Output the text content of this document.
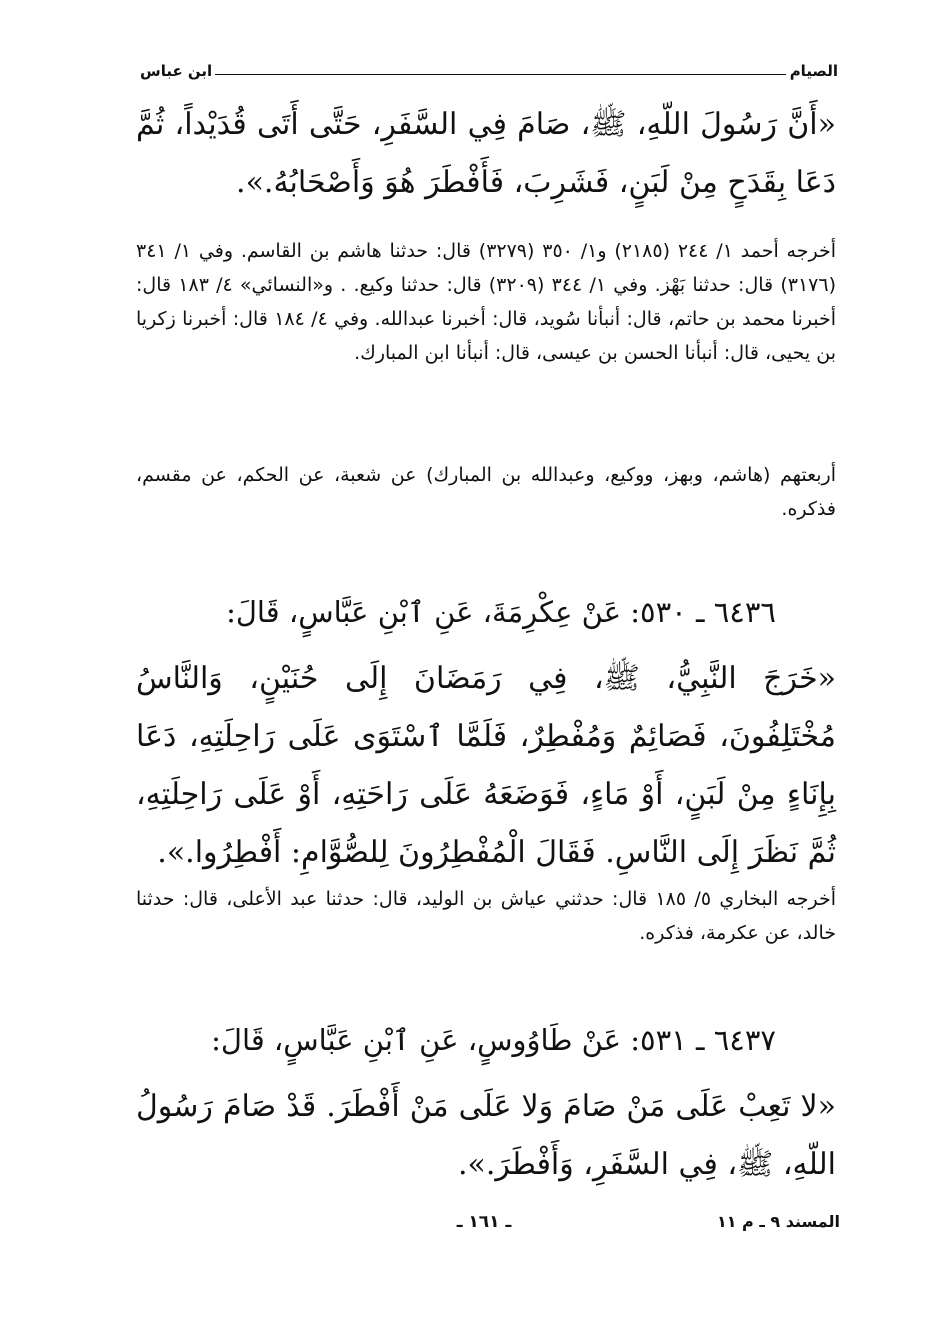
الصيام
ابن عباس
«أَنَّ رَسُولَ اللّهِ، ﷺ، صَامَ فِي السَّفَرِ، حَتَّى أَتَى قُدَيْداً، ثُمَّ دَعَا بِقَدَحٍ مِنْ لَبَنٍ، فَشَرِبَ، فَأَفْطَرَ هُوَ وَأَصْحَابُهُ.».
أخرجه أحمد ١/ ٢٤٤ (٢١٨٥) و١/ ٣٥٠ (٣٢٧٩) قال: حدثنا هاشم بن القاسم. وفي ١/ ٣٤١ (٣١٧٦) قال: حدثنا بَهْز. وفي ١/ ٣٤٤ (٣٢٠٩) قال: حدثنا وكيع. . و«النسائي» ٤/ ١٨٣ قال: أخبرنا محمد بن حاتم، قال: أنبأنا سُويد، قال: أخبرنا عبدالله. وفي ٤/ ١٨٤ قال: أخبرنا زكريا بن يحيى، قال: أنبأنا الحسن بن عيسى، قال: أنبأنا ابن المبارك.
أربعتهم (هاشم، وبهز، ووكيع، وعبدالله بن المبارك) عن شعبة، عن الحكم، عن مقسم، فذكره.
٦٤٣٦ ـ ٥٣٠: عَنْ عِكْرِمَةَ، عَنِ ٱبْنِ عَبَّاسٍ، قَالَ:
«خَرَجَ النَّبِيُّ، ﷺ، فِي رَمَضَانَ إِلَى حُنَيْنٍ، وَالنَّاسُ مُخْتَلِفُونَ، فَصَائِمٌ وَمُفْطِرٌ، فَلَمَّا ٱسْتَوَى عَلَى رَاحِلَتِهِ، دَعَا بِإِنَاءٍ مِنْ لَبَنٍ، أَوْ مَاءٍ، فَوَضَعَهُ عَلَى رَاحَتِهِ، أَوْ عَلَى رَاحِلَتِهِ، ثُمَّ نَظَرَ إِلَى النَّاسِ. فَقَالَ الْمُفْطِرُونَ لِلصُّوَّامِ: أَفْطِرُوا.».
أخرجه البخاري ٥/ ١٨٥ قال: حدثني عياش بن الوليد، قال: حدثنا عبد الأعلى، قال: حدثنا خالد، عن عكرمة، فذكره.
٦٤٣٧ ـ ٥٣١: عَنْ طَاوُوسٍ، عَنِ ٱبْنِ عَبَّاسٍ، قَالَ:
«لا تَعِبْ عَلَى مَنْ صَامَ وَلا عَلَى مَنْ أَفْطَرَ. قَدْ صَامَ رَسُولُ اللّهِ، ﷺ، فِي السَّفَرِ، وَأَفْطَرَ.».
المسند ٩ ـ م ١١
ـ ١٦١ ـ
